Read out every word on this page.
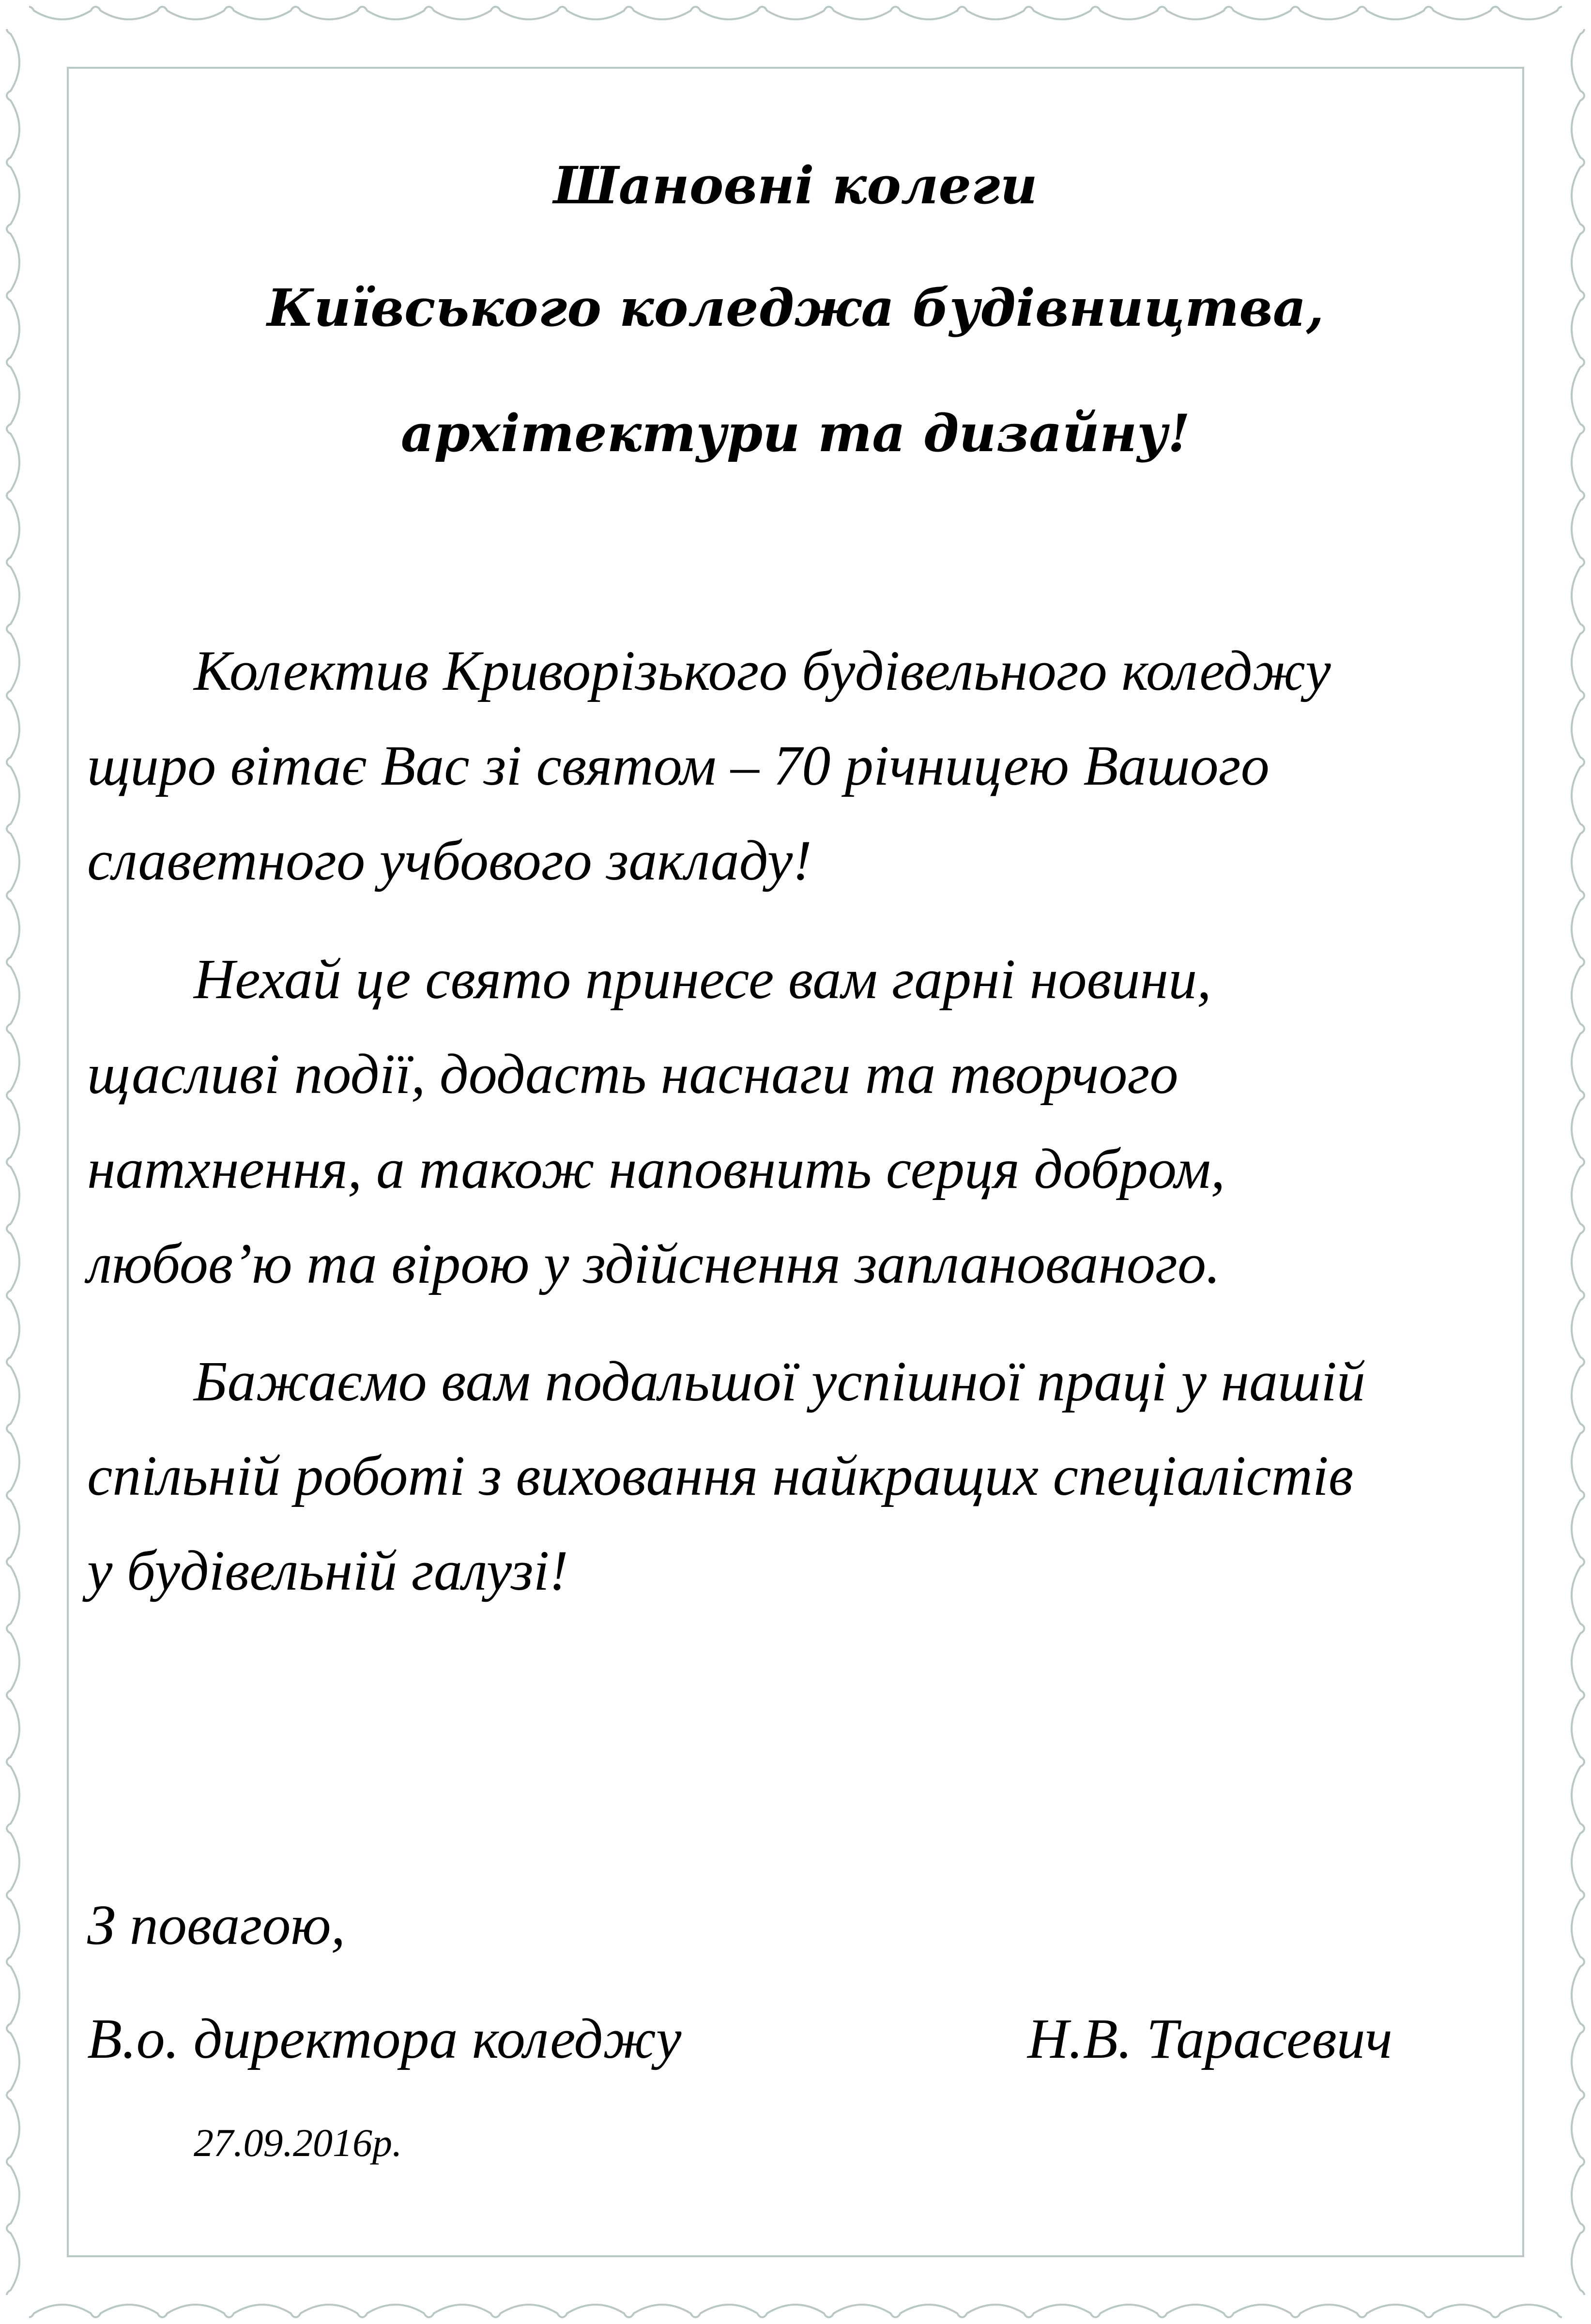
Шановні колеги
Київського коледжа будівництва,
архітектури та дизайну!
Колектив Криворізького будівельного коледжу
щиро вітає Вас зі святом – 70 річницею Вашого
славетного учбового закладу!
Нехай це свято принесе вам гарні новини,
щасливі події, додасть наснаги та творчого
натхнення, а також наповнить серця добром,
любов’ю та вірою у здійснення запланованого.
Бажаємо вам подальшої успішної праці у нашій
спільній роботі з виховання найкращих спеціалістів
у будівельній галузі!
З повагою,
В.о. директора коледжу	Н.В. Тарасевич
27.09.2016р.
